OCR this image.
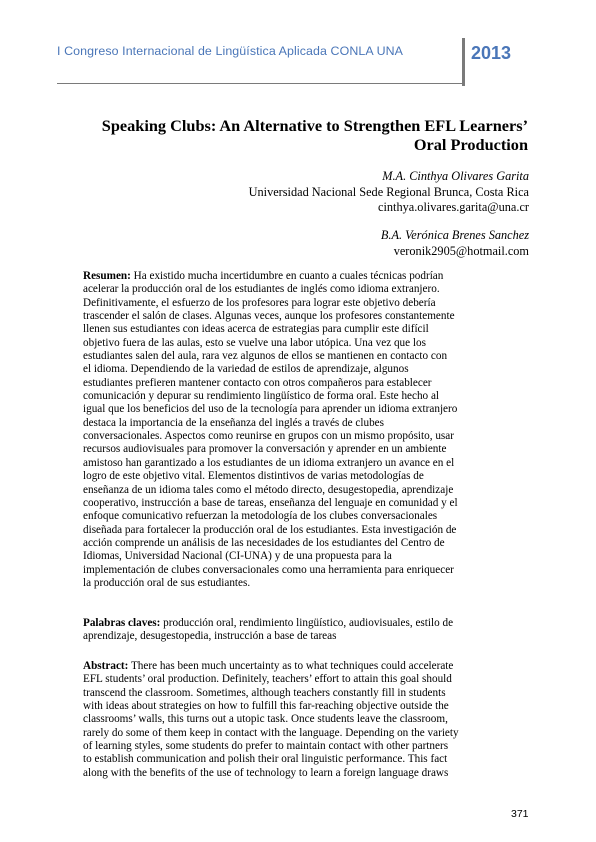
I Congreso Internacional de Lingüística Aplicada CONLA UNA	2013
Speaking Clubs: An Alternative to Strengthen EFL Learners’
Oral Production
M.A. Cinthya Olivares Garita
Universidad Nacional Sede Regional Brunca, Costa Rica
cinthya.olivares.garita@una.cr
B.A. Verónica Brenes Sanchez
veronik2905@hotmail.com
Resumen: Ha existido mucha incertidumbre en cuanto a cuales técnicas podrían
acelerar la producción oral de los estudiantes de inglés como idioma extranjero.
Definitivamente, el esfuerzo de los profesores para lograr este objetivo debería
trascender el salón de clases. Algunas veces, aunque los profesores constantemente
llenen sus estudiantes con ideas acerca de estrategias para cumplir este difícil
objetivo fuera de las aulas, esto se vuelve una labor utópica. Una vez que los
estudiantes salen del aula, rara vez algunos de ellos se mantienen en contacto con
el idioma. Dependiendo de la variedad de estilos de aprendizaje, algunos
estudiantes prefieren mantener contacto con otros compañeros para establecer
comunicación y depurar su rendimiento lingüístico de forma oral. Este hecho al
igual que los beneficios del uso de la tecnología para aprender un idioma extranjero
destaca la importancia de la enseñanza del inglés a través de clubes
conversacionales. Aspectos como reunirse en grupos con un mismo propósito, usar
recursos audiovisuales para promover la conversación y aprender en un ambiente
amistoso han garantizado a los estudiantes de un idioma extranjero un avance en el
logro de este objetivo vital. Elementos distintivos de varias metodologías de
enseñanza de un idioma tales como el método directo, desugestopedia, aprendizaje
cooperativo, instrucción a base de tareas, enseñanza del lenguaje en comunidad y el
enfoque comunicativo refuerzan la metodología de los clubes conversacionales
diseñada para fortalecer la producción oral de los estudiantes. Esta investigación de
acción comprende un análisis de las necesidades de los estudiantes del Centro de
Idiomas, Universidad Nacional (CI-UNA) y de una propuesta para la
implementación de clubes conversacionales como una herramienta para enriquecer
la producción oral de sus estudiantes.
Palabras claves: producción oral, rendimiento lingüístico, audiovisuales, estilo de
aprendizaje, desugestopedia, instrucción a base de tareas
Abstract: There has been much uncertainty as to what techniques could accelerate
EFL students’ oral production. Definitely, teachers’ effort to attain this goal should
transcend the classroom. Sometimes, although teachers constantly fill in students
with ideas about strategies on how to fulfill this far-reaching objective outside the
classrooms’ walls, this turns out a utopic task. Once students leave the classroom,
rarely do some of them keep in contact with the language. Depending on the variety
of learning styles, some students do prefer to maintain contact with other partners
to establish communication and polish their oral linguistic performance. This fact
along with the benefits of the use of technology to learn a foreign language draws
371
